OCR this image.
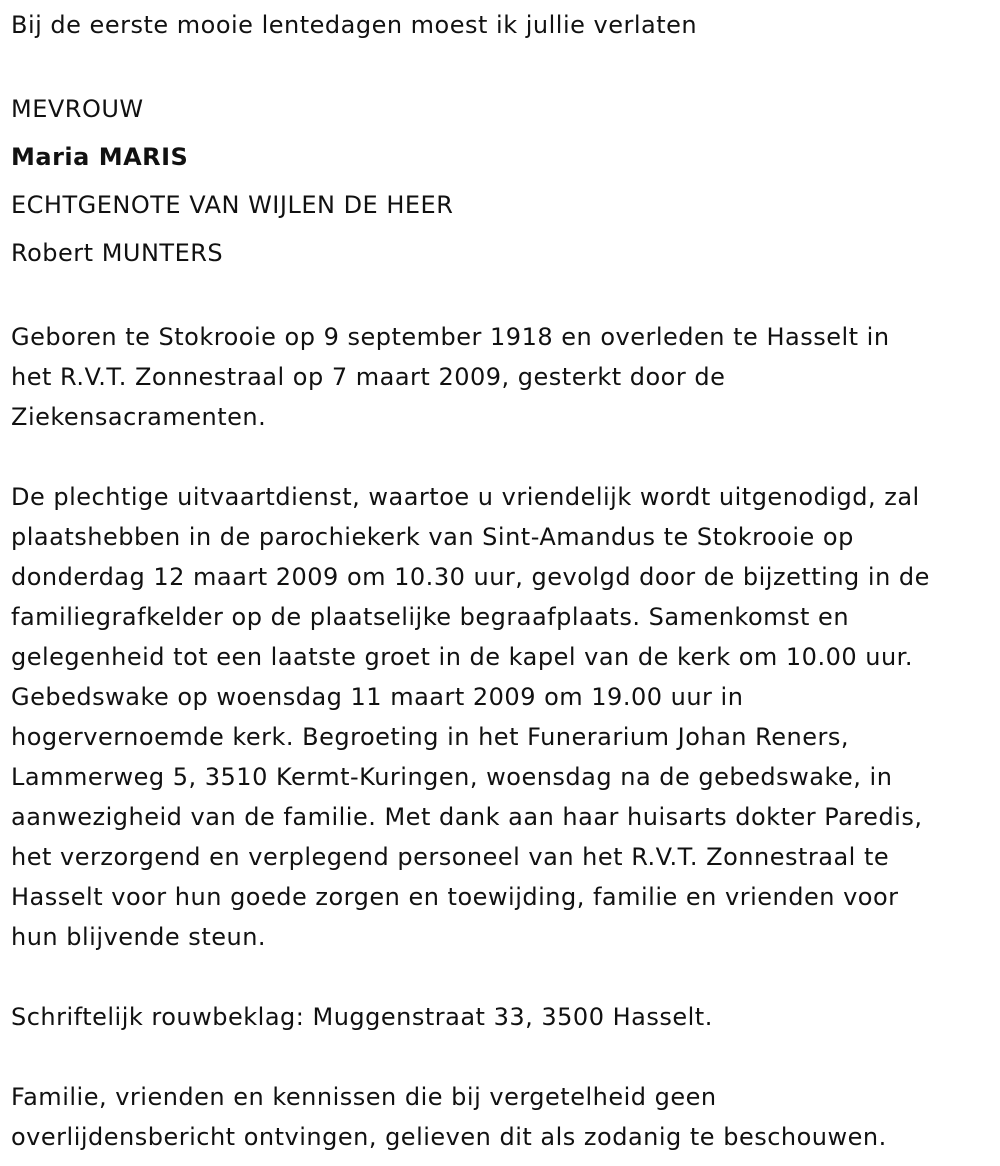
Bij de eerste mooie lentedagen moest ik jullie verlaten
MEVROUW
Maria MARIS
ECHTGENOTE VAN WIJLEN DE HEER
Robert MUNTERS
Geboren te Stokrooie op 9 september 1918 en overleden te Hasselt in
het R.V.T. Zonnestraal op 7 maart 2009, gesterkt door de
Ziekensacramenten.
De plechtige uitvaartdienst, waartoe u vriendelijk wordt uitgenodigd, zal
plaatshebben in de parochiekerk van Sint-Amandus te Stokrooie op
donderdag 12 maart 2009 om 10.30 uur, gevolgd door de bijzetting in de
familiegrafkelder op de plaatselijke begraafplaats. Samenkomst en
gelegenheid tot een laatste groet in de kapel van de kerk om 10.00 uur.
Gebedswake op woensdag 11 maart 2009 om 19.00 uur in
hogervernoemde kerk. Begroeting in het Funerarium Johan Reners,
Lammerweg 5, 3510 Kermt-Kuringen, woensdag na de gebedswake, in
aanwezigheid van de familie. Met dank aan haar huisarts dokter Paredis,
het verzorgend en verplegend personeel van het R.V.T. Zonnestraal te
Hasselt voor hun goede zorgen en toewijding, familie en vrienden voor
hun blijvende steun.
Schriftelijk rouwbeklag: Muggenstraat 33, 3500 Hasselt.
Familie, vrienden en kennissen die bij vergetelheid geen
overlijdensbericht ontvingen, gelieven dit als zodanig te beschouwen.
